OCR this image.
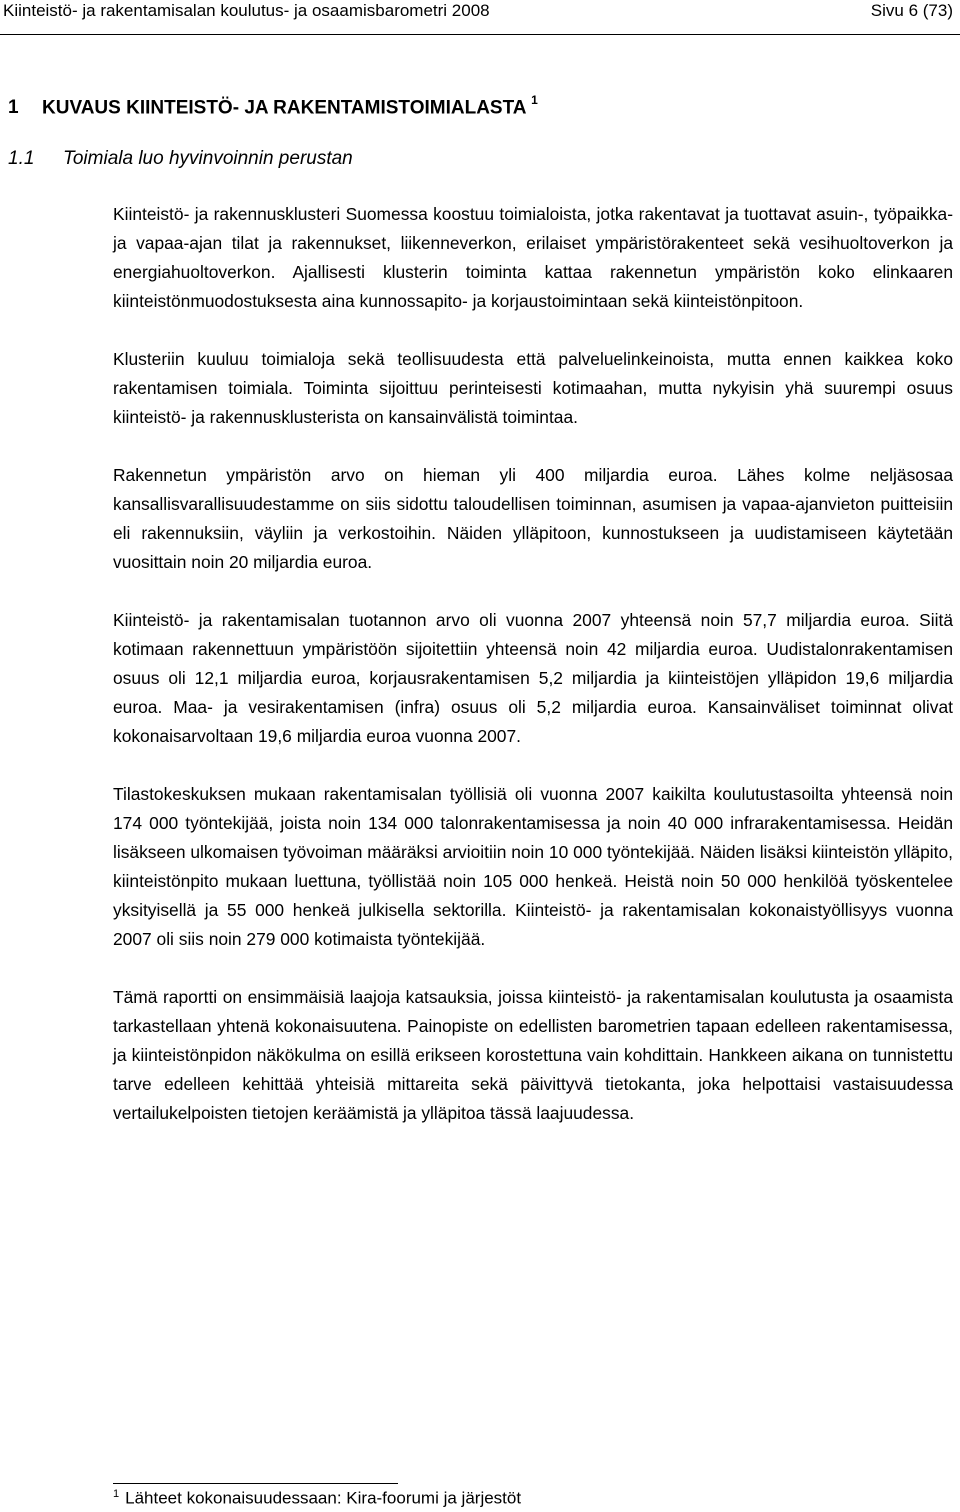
Kiinteistö- ja rakentamisalan koulutus- ja osaamisbarometri 2008	Sivu 6 (73)
1 KUVAUS KIINTEISTÖ- JA RAKENTAMISTOIMIALASTA $^1$
1.1 Toimiala luo hyvinvoinnin perustan

Kiinteistö- ja rakennusklusteri Suomessa koostuu toimialoista, jotka rakentavat ja tuottavat asuin-, työpaikka- ja vapaa-ajan tilat ja rakennukset, liikenneverkon, erilaiset ympäristörakenteet sekä vesihuoltoverkon ja energiahuoltoverkon. Ajallisesti klusterin toiminta kattaa rakennetun ympäristön koko elinkaaren kiinteistönmuodostuksesta aina kunnossapito- ja korjaustoimintaan sekä kiinteistönpitoon.

Klusteriin kuuluu toimialoja sekä teollisuudesta että palveluelinkeinoista, mutta ennen kaikkea koko rakentamisen toimiala. Toiminta sijoittuu perinteisesti kotimaahan, mutta nykyisin yhä suurempi osuus kiinteistö- ja rakennusklusterista on kansainvälistä toimintaa.

Rakennetun ympäristön arvo on hieman yli 400 miljardia euroa. Lähes kolme neljäsosaa kansallisvarallisuudestamme on siis sidottu taloudellisen toiminnan, asumisen ja vapaa-ajanvieton puitteisiin eli rakennuksiin, väyliin ja verkostoihin. Näiden ylläpitoon, kunnostukseen ja uudistamiseen käytetään vuosittain noin 20 miljardia euroa.

Kiinteistö- ja rakentamisalan tuotannon arvo oli vuonna 2007 yhteensä noin 57,7 miljardia euroa. Siitä kotimaan rakennettuun ympäristöön sijoitettiin yhteensä noin 42 miljardia euroa. Uudistalonrakentamisen osuus oli 12,1 miljardia euroa, korjausrakentamisen 5,2 miljardia ja kiinteistöjen ylläpidon 19,6 miljardia euroa. Maa- ja vesirakentamisen (infra) osuus oli 5,2 miljardia euroa. Kansainväliset toiminnat olivat kokonaisarvoltaan 19,6 miljardia euroa vuonna 2007.

Tilastokeskuksen mukaan rakentamisalan työllisiä oli vuonna 2007 kaikilta koulutustasoilta yhteensä noin 174 000 työntekijää, joista noin 134 000 talonrakentamisessa ja noin 40 000 infrarakentamisessa. Heidän lisäkseen ulkomaisen työvoiman määräksi arvioitiin noin 10 000 työntekijää. Näiden lisäksi kiinteistön ylläpito, kiinteistönpito mukaan luettuna, työllistää noin 105 000 henkeä. Heistä noin 50 000 henkilöä työskentelee yksityisellä ja 55 000 henkeä julkisella sektorilla. Kiinteistö- ja rakentamisalan kokonaistyöllisyys vuonna 2007 oli siis noin 279 000 kotimaista työntekijää.

Tämä raportti on ensimmäisiä laajoja katsauksia, joissa kiinteistö- ja rakentamisalan koulutusta ja osaamista tarkastellaan yhtenä kokonaisuutena. Painopiste on edellisten barometrien tapaan edelleen rakentamisessa, ja kiinteistönpidon näkökulma on esillä erikseen korostettuna vain kohdittain. Hankkeen aikana on tunnistettu tarve edelleen kehittää yhteisiä mittareita sekä päivittyvä tietokanta, joka helpottaisi vastaisuudessa vertailukelpoisten tietojen keräämistä ja ylläpitoa tässä laajuudessa.

$^1$ Lähteet kokonaisuudessaan: Kira-foorumi ja järjestöt
